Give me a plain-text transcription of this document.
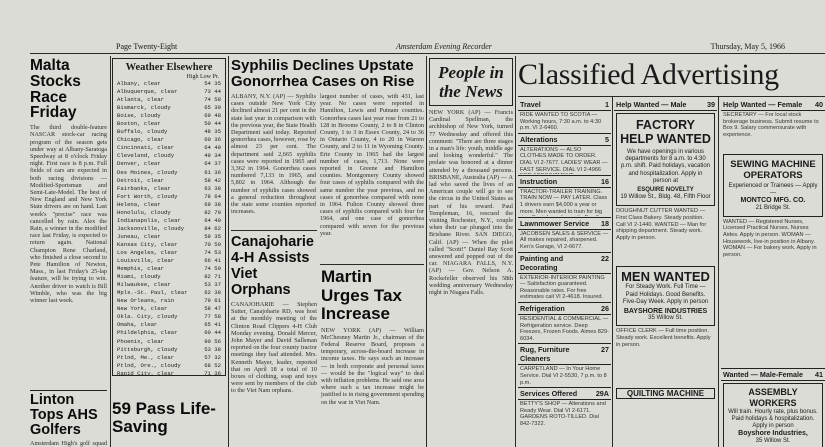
Page Twenty-Eight	Amsterdam Evening Recorder	Thursday, May 5, 1966
Malta Stocks Race Friday
The third double-feature NASCAR stock-car racing program of the season gets under way at Albany-Saratoga Speedway at 8 o'clock Friday night. First race is 8 p.m. Full fields of cars are expected in both racing divisions — Modified-Sportsman and Semi-Late-Model. The best of New England and New York State drivers are on hand. Last week's "precise" race was cancelled by rain. Alex the Rain, a winner in the modified race last Friday, is expected to return again. National Champion Rene Charland, who finished a close second to Pete Hamilton of Newton, Mass., in last Friday's 25-lap feature, will be trying to win. Another driver to watch is Bill Wimble, who was the big winner last week.
Linton Tops AHS Golfers
Amsterdam High's golf squad
Weather Elsewhere
High Low Pr.
Albany, clear	54 35
Albuquerque, clear	73 44
Atlanta, clear	74 58
Bismarck, cloudy	65 39
Boise, cloudy	69 48
Boston, clear	50 44
Buffalo, cloudy	48 35
Chicago, clear	60 36
Cincinnati, clear	64 40
Cleveland, cloudy	49 34
Denver, clear	64 37
Des Moines, cloudy	61 36
Detroit, clear	58 42
Fairbanks, clear	63 38
Fort Worth, cloudy	78 64
Helena, clear	69 38
Honolulu, cloudy	82 70
Indianapolis, clear	64 40
Jacksonville, cloudy	84 62
Juneau, clear	59 35
Kansas City, clear	70 50
Los Angeles, clear	74 53
Louisville, clear	66 41
Memphis, clear	74 59
Miami, cloudy	82 71
Milwaukee, clear	53 37
Mpls.-St. Paul, clear	62 38
New Orleans, rain	79 61
New York, clear	58 47
Okla. City, cloudy	77 58
Omaha, clear	65 41
Phildelphia, clear	60 44
Phoenix, clear	90 56
Pittsburgh, cloudy	53 38
Ptlnd, Me., clear	57 32
Ptlnd, Ore., cloudy	68 52
Rapid City, clear	71 36
59 Pass Life-Saving
Syphilis Declines Upstate Gonorrhea Cases on Rise
ALBANY, N.Y. (AP) — Syphilis cases outside New York City declined almost 21 per cent in the state last year in comparison with the previous year, the State Health Department said today. Reported gonorrhea cases, however, rose by almost 23 per cent. The department said 2,665 syphilis cases were reported in 1965 and 3,362 in 1964. Gonorrhea cases numbered 7,133 in 1965, and 5,802 in 1964. Although the number of syphilis cases showed a general reduction throughout the state some counties reported increases.
largest number of cases, with 431, last year. No cases were reported in Hamilton, Lewis and Putnam counties. Gonorrhea cases last year rose from 21 to 128 in Broome County, 2 to 8 in Clinton County, 1 to 3 in Essex County, 24 to 36 in Ontario County, 4 to 20 in Warren County, and 2 to 11 in Wyoming County. Erie County in 1965 had the largest number of cases, 1,713. None were reported in Greene and Hamilton counties. Montgomery County showed four cases of syphilis compared with the same number the year previous, and no cases of gonorrhea compared with none in 1964. Fulton County showed three cases of syphilis compared with four for 1964, and one case of gonorrhea compared with seven for the previous year.
Canajoharie 4-H Assists Viet Orphans
CANAJOHARIE — Stephen Sutter, Canajoharie RD, was host at the monthly meeting of the Clinton Road Clippers 4-H Club Monday evening. Donald Mercer, John Mayer and David Sallsman reported on the four county tractor meetings they had attended. Mrs. Kenneth Mayer, leader, reported that on April 18 a total of 10 boxes of clothing, soap and toys were sent by members of the club to the Viet Nam orphans.
Martin Urges Tax Increase
NEW YORK (AP) — William McChesney Martin Jr., chairman of the Federal Reserve Board, proposes a temporary, across-the-board increase in income taxes. He says such an increase — in both corporate and personal taxes — would be the "logical way" to deal with inflation problems. He said one area where such a tax increase might be justified is in rising government spending on the war in Viet Nam.
People in the News
NEW YORK (AP) — Francis Cardinal Spellman, the archbishop of New York, turned 77 Wednesday and offered this comment: "There are three stages in a man's life: youth, middle age and looking wonderful." The prelate was honored at a dinner attended by a thousand persons. BRISBANE, Australia (AP) — A lad who saved the lives of an American couple will go to see the circus in the United States as part of his reward. Paul Templeman, 16, rescued the visiting Rochester, N.Y., couple when their car plunged into the Brisbane River. SAN DIEGO, Calif. (AP) — When the pilot called "Scott!" Daniel Ray Scott answered and popped out of the car. NIAGARA FALLS, N.Y. (AP) — Gov. Nelson A. Rockefeller observed his 58th wedding anniversary Wednesday night in Niagara Falls.
Classified Advertising
Travel	1
RIDE WANTED TO SCOTIA — Working hours, 7:30 a.m. to 4:30 p.m. VI 2-6460.
Alterations	5
ALTERATIONS — ALSO CLOTHES MADE TO ORDER. DIAL VI 2-7677. LADIES' WEAR — FAST SERVICE. DIAL VI 2-4966
Instruction	16
TRACTOR-TRAILER TRAINING. TRAIN NOW — PAY LATER. Class 1 drivers earn $4,000 a year or more. Men wanted to train for big
Lawnmower Service 18
JACOBSEN SALES & SERVICE — All makes repaired, sharpened. Ken's Garage, VI 2-6677.
Painting and Decorating
22
EXTERIOR-INTERIOR PAINTING — Satisfaction guaranteed. Reasonable rates. For free estimates call VI 2-4618. Insured.
Refrigeration	26
RESIDENTIAL & COMMERCIAL — Refrigeration service. Deep Freezes, Frozen Foods. Aimes 829-6034.
Rug, Furniture Cleaners
27
CARPETLAND — In Your Home Service. Dial VI 2-5530, 7 p.m. to 8 p.m.
Services Offered	29A
BETTY'S SHOP — Alterations and Ready Wear. Dial VI 2-6171. GARDENS ROTO-TILLED. Dial 842-7322.
Help Wanted — Male	39
FACTORY HELP WANTED
We have openings in various departments for 8 a.m. to 4:30 p.m. shift. Paid holidays, vacation and hospitalization. Apply in person at
ESQUIRE NOVELTY
19 Willow St., Bldg. 48, Fifth Floor
DOUGHNUT CUTTER WANTED — First Class Bakery. Steady position. Call VI 2-1440. WANTED — Man for shipping department. Steady work. Apply in person.
MEN WANTED
For Steady Work. Full Time — Paid Holidays. Good Benefits. Five-Day Week. Apply in person
BAYSHORE INDUSTRIES
35 Willow St.
OFFICE CLERK — Full time position. Steady work. Excellent benefits. Apply in person.
QUILTING MACHINE
Help Wanted — Female 40
SECRETARY — For local stock brokerage business. Submit resume to Box 9. Salary commensurate with experience.
SEWING MACHINE OPERATORS
Experienced or Trainees — Apply —
MONTCO MFG. CO.
21 Bridge St.
WANTED — Registered Nurses, Licensed Practical Nurses, Nurses Aides. Apply in person. WOMAN — Housework, live-in position in Albany. WOMAN — For bakery work. Apply in person.
Wanted — Male-Female 41
ASSEMBLY WORKERS
Will train. Hourly rate, plus bonus. Paid holidays & hospitalization. Apply in person
Boyshore Industries,
35 Willow St.
